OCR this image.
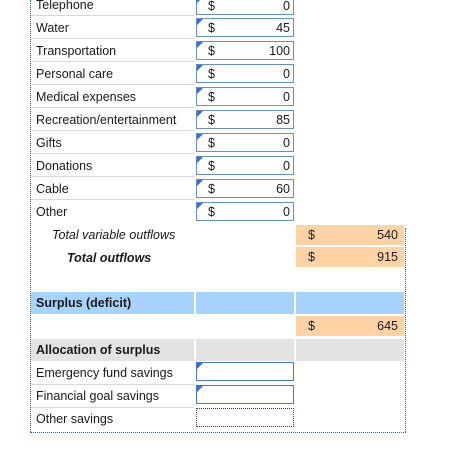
Telephone	$	0
Water	$	45
Transportation	$	100
Personal care	$	0
Medical expenses	$	0
Recreation/entertainment	$	85
Gifts	$	0
Donations	$	0
Cable	$	60
Other	$	0
Total variable outflows	$	540
Total outflows	$	915
Surplus (deficit)
$	645
Allocation of surplus
Emergency fund savings
Financial goal savings
Other savings
